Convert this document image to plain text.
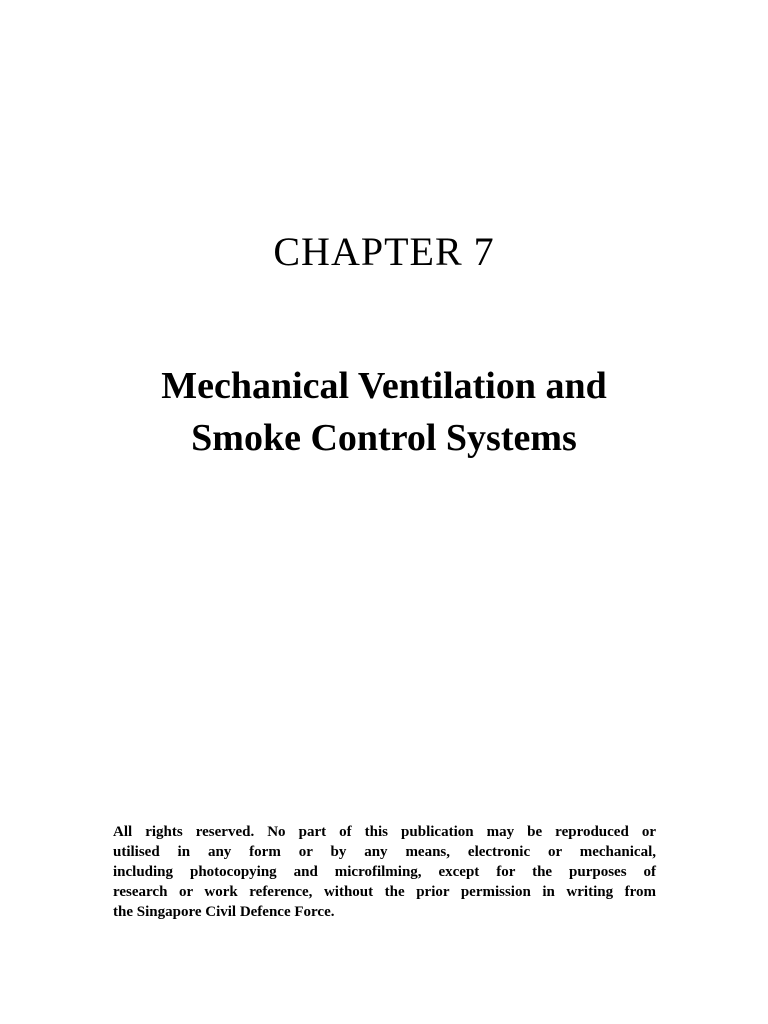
CHAPTER 7
Mechanical Ventilation and
Smoke Control Systems
All rights reserved. No part of this publication may be reproduced or
utilised in any form or by any means, electronic or mechanical,
including photocopying and microfilming, except for the purposes of
research or work reference, without the prior permission in writing from
the Singapore Civil Defence Force.
